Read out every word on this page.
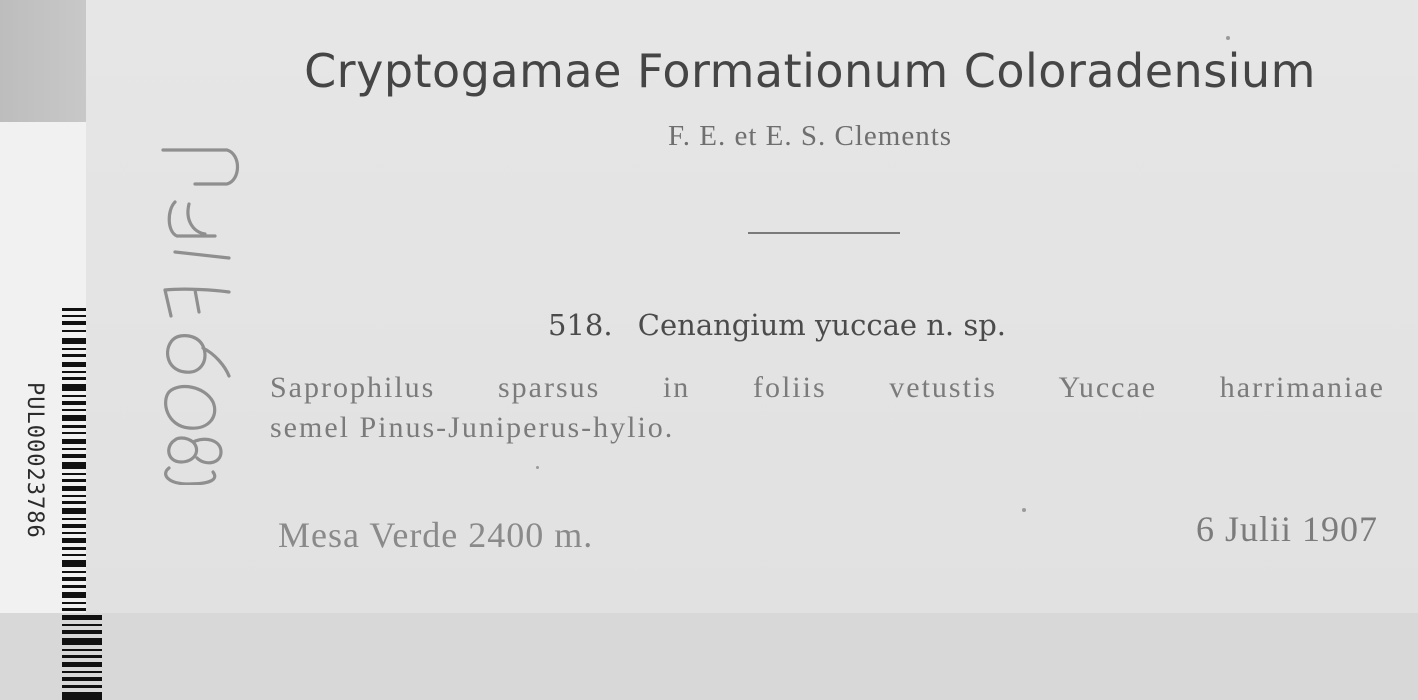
PUL00023786
Cryptogamae Formationum Coloradensium
F. E. et E. S. Clements
518. Cenangium yuccae n. sp.
Saprophilus sparsus in foliis vetustis Yuccae harrimaniae
semel Pinus-Juniperus-hylio.
Mesa Verde 2400 m.	6 Julii 1907
